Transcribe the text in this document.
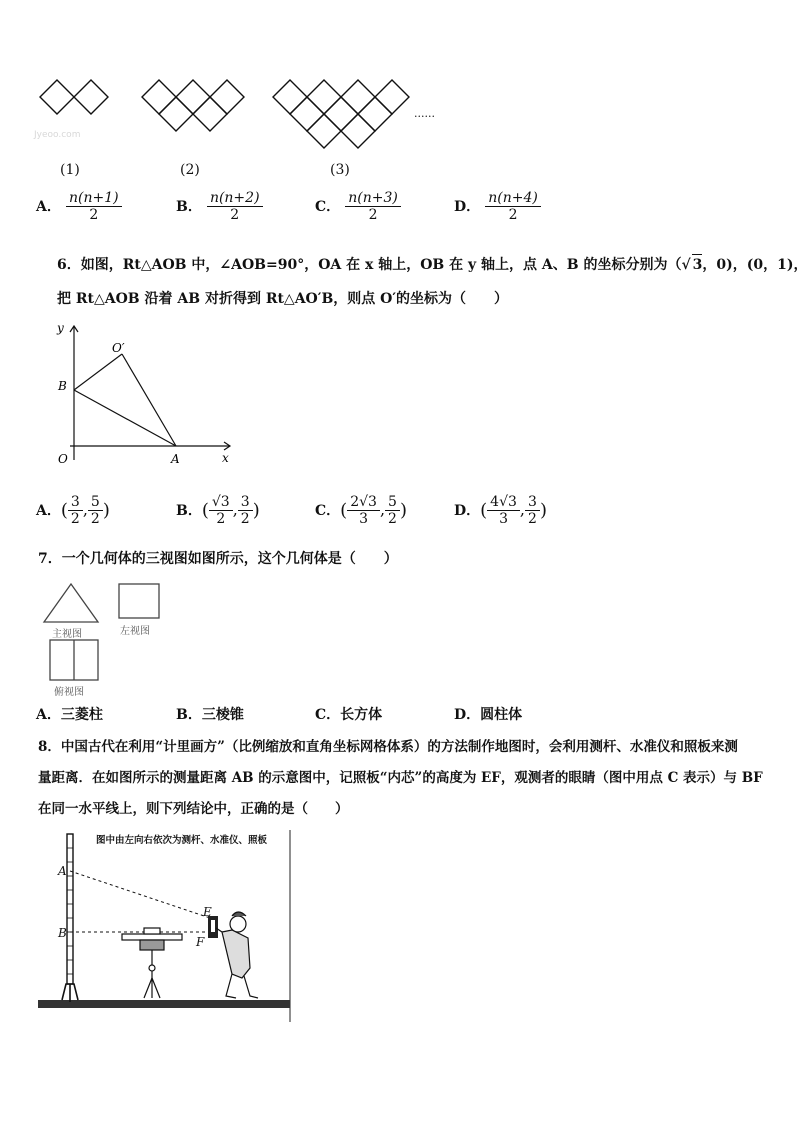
......
Jyeoo.com
(1)	(2)	(3)
A． $\frac{n(n+1)}{2}$	B． $\frac{n(n+2)}{2}$	C． $\frac{n(n+3)}{2}$	D． $\frac{n(n+4)}{2}$
6．如图，Rt△AOB 中，∠AOB=90°，OA 在 x 轴上，OB 在 y 轴上，点 A、B 的坐标分别为（√ 3，0)，(0，1)，
把 Rt△AOB 沿着 AB 对折得到 Rt△AO′B，则点 O′的坐标为（　　）
y
x
O	A
B
O′
A．( $\frac{3}{2}$ , $\frac{5}{2}$ )	B．( $\frac{√3}{2}$ , $\frac{3}{2}$ )	C．( $\frac{2√3}{3}$ , $\frac{5}{2}$ )	D．( $\frac{4√3}{3}$ , $\frac{3}{2}$ )
7．一个几何体的三视图如图所示，这个几何体是（　　）
主视图	左视图
俯视图
A．三菱柱	B．三棱锥	C．长方体	D．圆柱体
8．中国古代在利用“计里画方”（比例缩放和直角坐标网格体系）的方法制作地图时，会利用测杆、水准仪和照板来测
量距离．在如图所示的测量距离 AB 的示意图中，记照板“内芯”的高度为 EF，观测者的眼睛（图中用点 C 表示）与 BF
在同一水平线上，则下列结论中，正确的是（　　）
图中由左向右依次为测杆、水准仪、照板
A
B
E
F
